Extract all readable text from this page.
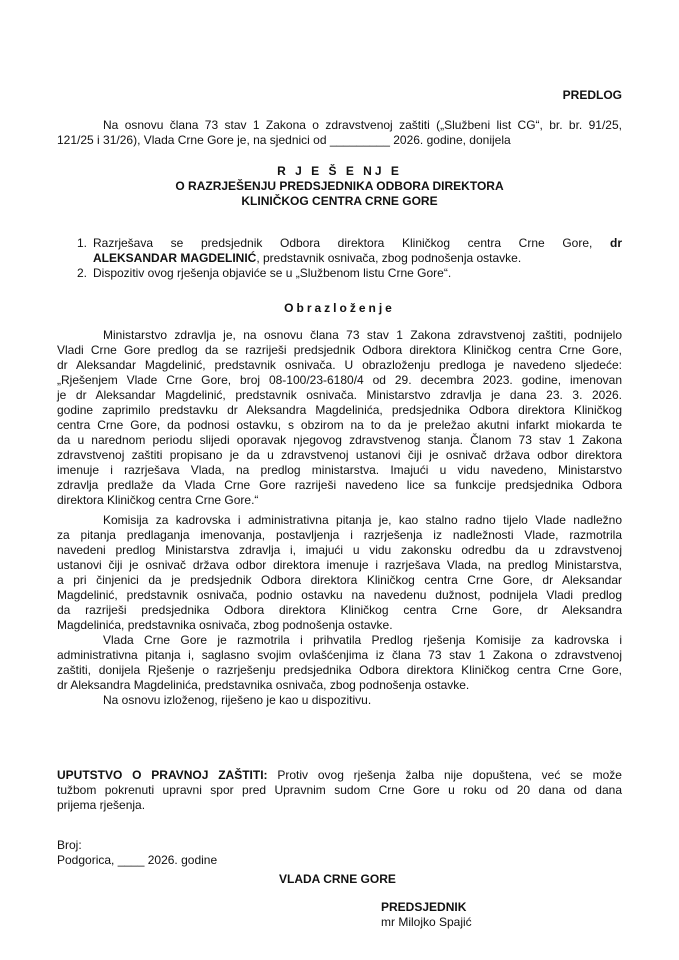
PREDLOG
Na osnovu člana 73 stav 1 Zakona o zdravstvenoj zaštiti („Službeni list CG“, br. br. 91/25,
121/25 i 31/26), Vlada Crne Gore je, na sjednici od _________ 2026. godine, donijela
R J E Š E NJ E
O RAZRJEŠENJU PREDSJEDNIKA ODBORA DIREKTORA
KLINIČKOG CENTRA CRNE GORE
1. Razrješava se predsjednik Odbora direktora Kliničkog centra Crne Gore, dr
ALEKSANDAR MAGDELINIĆ, predstavnik osnivača, zbog podnošenja ostavke.
2. Dispozitiv ovog rješenja objaviće se u „Službenom listu Crne Gore“.
Obrazloženje
Ministarstvo zdravlja je, na osnovu člana 73 stav 1 Zakona zdravstvenoj zaštiti, podnijelo
Vladi Crne Gore predlog da se razriješi predsjednik Odbora direktora Kliničkog centra Crne Gore,
dr Aleksandar Magdelinić, predstavnik osnivača. U obrazloženju predloga je navedeno sljedeće:
„Rješenjem Vlade Crne Gore, broj 08-100/23-6180/4 od 29. decembra 2023. godine, imenovan
je dr Aleksandar Magdelinić, predstavnik osnivača. Ministarstvo zdravlja je dana 23. 3. 2026.
godine zaprimilo predstavku dr Aleksandra Magdelinića, predsjednika Odbora direktora Kliničkog
centra Crne Gore, da podnosi ostavku, s obzirom na to da je preležao akutni infarkt miokarda te
da u narednom periodu slijedi oporavak njegovog zdravstvenog stanja. Članom 73 stav 1 Zakona
zdravstvenoj zaštiti propisano je da u zdravstvenoj ustanovi čiji je osnivač država odbor direktora
imenuje i razrješava Vlada, na predlog ministarstva. Imajući u vidu navedeno, Ministarstvo
zdravlja predlaže da Vlada Crne Gore razriješi navedeno lice sa funkcije predsjednika Odbora
direktora Kliničkog centra Crne Gore.“
Komisija za kadrovska i administrativna pitanja je, kao stalno radno tijelo Vlade nadležno
za pitanja predlaganja imenovanja, postavljenja i razrješenja iz nadležnosti Vlade, razmotrila
navedeni predlog Ministarstva zdravlja i, imajući u vidu zakonsku odredbu da u zdravstvenoj
ustanovi čiji je osnivač država odbor direktora imenuje i razrješava Vlada, na predlog Ministarstva,
a pri činjenici da je predsjednik Odbora direktora Kliničkog centra Crne Gore, dr Aleksandar
Magdelinić, predstavnik osnivača, podnio ostavku na navedenu dužnost, podnijela Vladi predlog
da razriješi predsjednika Odbora direktora Kliničkog centra Crne Gore, dr Aleksandra
Magdelinića, predstavnika osnivača, zbog podnošenja ostavke.
Vlada Crne Gore je razmotrila i prihvatila Predlog rješenja Komisije za kadrovska i
administrativna pitanja i, saglasno svojim ovlašćenjima iz člana 73 stav 1 Zakona o zdravstvenoj
zaštiti, donijela Rješenje o razrješenju predsjednika Odbora direktora Kliničkog centra Crne Gore,
dr Aleksandra Magdelinića, predstavnika osnivača, zbog podnošenja ostavke.
Na osnovu izloženog, riješeno je kao u dispozitivu.
UPUTSTVO O PRAVNOJ ZAŠTITI: Protiv ovog rješenja žalba nije dopuštena, već se može
tužbom pokrenuti upravni spor pred Upravnim sudom Crne Gore u roku od 20 dana od dana
prijema rješenja.
Broj:
Podgorica, ____ 2026. godine
VLADA CRNE GORE
PREDSJEDNIK
mr Milojko Spajić
